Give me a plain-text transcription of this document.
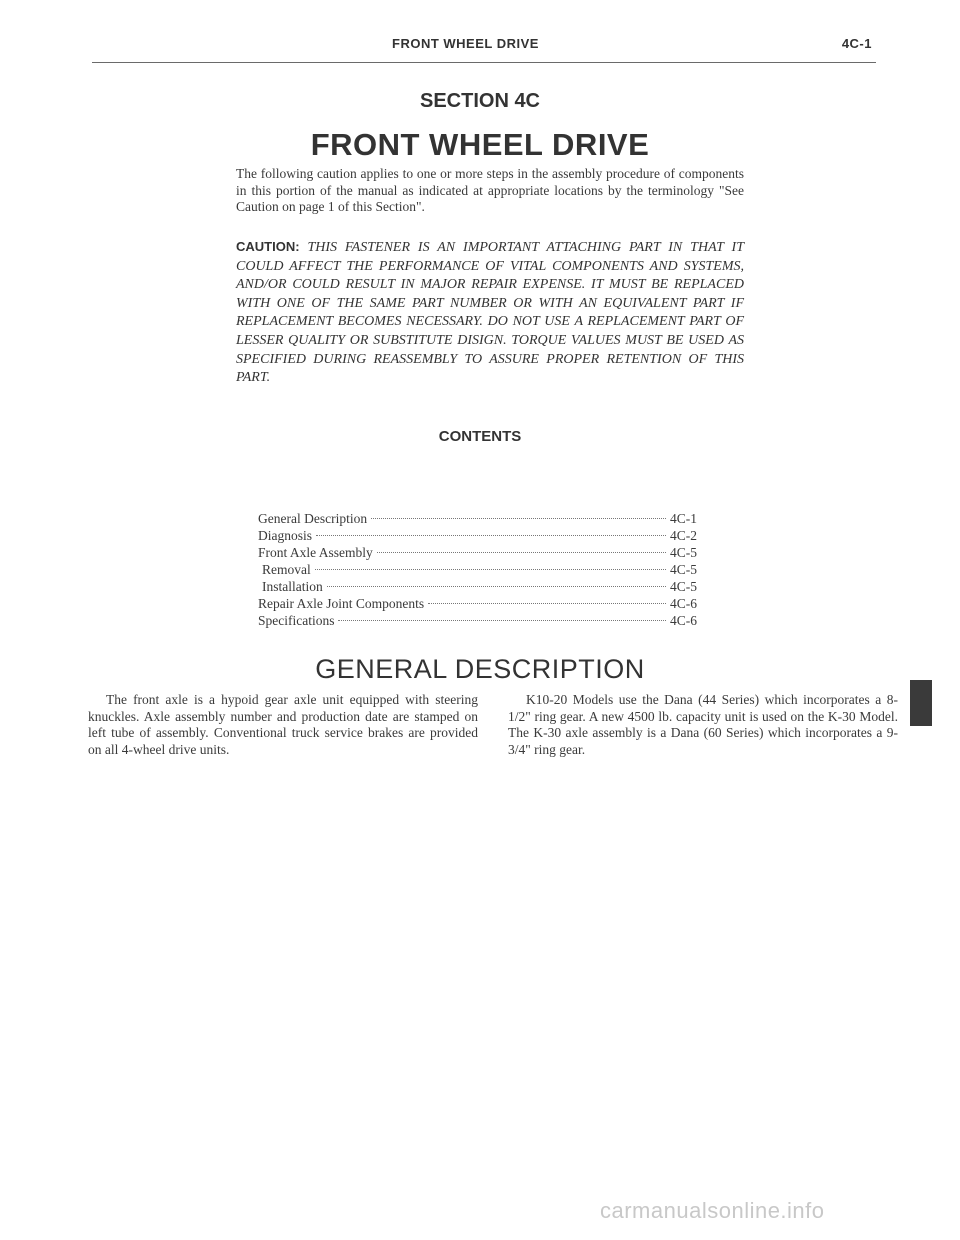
FRONT WHEEL DRIVE	4C-1
SECTION 4C
FRONT WHEEL DRIVE
The following caution applies to one or more steps in the assembly procedure of components in this portion of the manual as indicated at appropriate locations by the terminology "See Caution on page 1 of this Section".
CAUTION: THIS FASTENER IS AN IMPORTANT ATTACHING PART IN THAT IT COULD AFFECT THE PERFORMANCE OF VITAL COMPONENTS AND SYSTEMS, AND/OR COULD RESULT IN MAJOR REPAIR EXPENSE. IT MUST BE REPLACED WITH ONE OF THE SAME PART NUMBER OR WITH AN EQUIVALENT PART IF REPLACEMENT BECOMES NECESSARY. DO NOT USE A REPLACEMENT PART OF LESSER QUALITY OR SUBSTITUTE DISIGN. TORQUE VALUES MUST BE USED AS SPECIFIED DURING REASSEMBLY TO ASSURE PROPER RETENTION OF THIS PART.
CONTENTS
General Description	4C-1
Diagnosis	4C-2
Front Axle Assembly	4C-5
Removal	4C-5
Installation	4C-5
Repair Axle Joint Components	4C-6
Specifications	4C-6
GENERAL DESCRIPTION
The front axle is a hypoid gear axle unit equipped with steering knuckles. Axle assembly number and production date are stamped on left tube of assembly. Conventional truck service brakes are provided on all 4-wheel drive units.
K10-20 Models use the Dana (44 Series) which incorporates a 8-1/2" ring gear. A new 4500 lb. capacity unit is used on the K-30 Model. The K-30 axle assembly is a Dana (60 Series) which incorporates a 9-3/4" ring gear.
carmanualsonline.info
